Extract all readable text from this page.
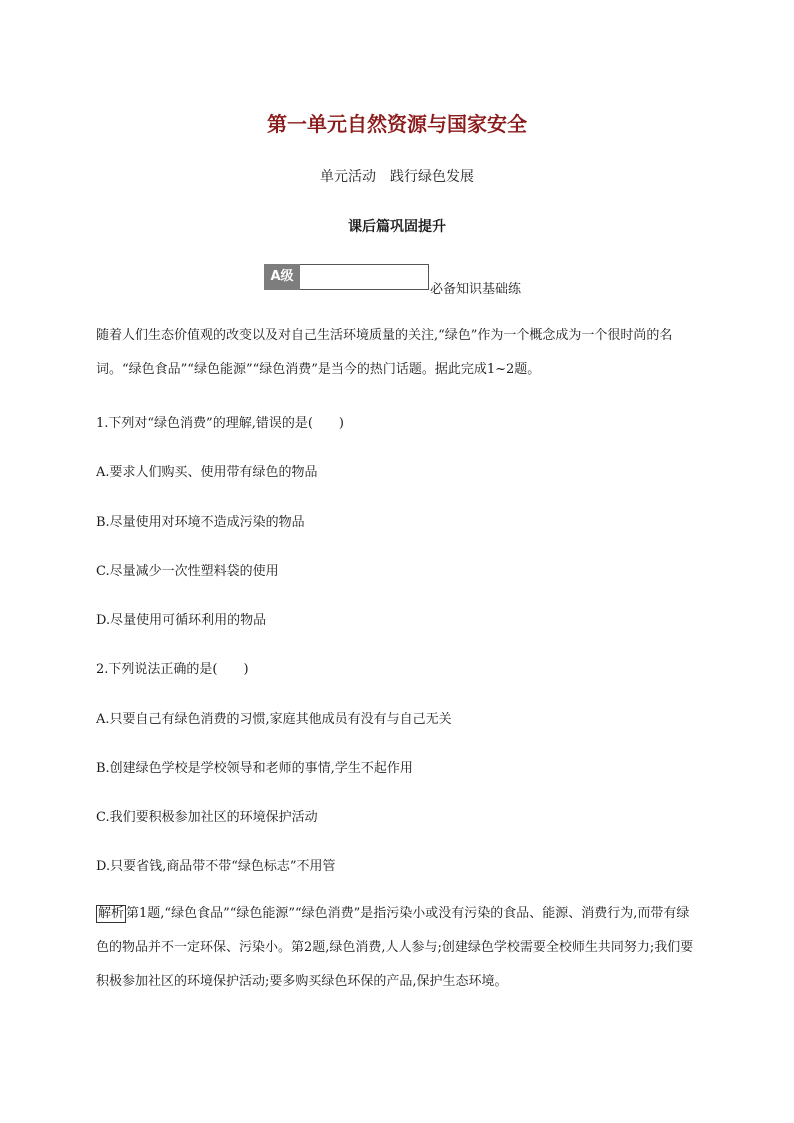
第一单元自然资源与国家安全
单元活动　践行绿色发展
课后篇巩固提升
A级
必备知识基础练
随着人们生态价值观的改变以及对自己生活环境质量的关注,“绿色”作为一个概念成为一个很时尚的名词。“绿色食品”“绿色能源”“绿色消费”是当今的热门话题。据此完成1~2题。
1.下列对“绿色消费”的理解,错误的是(　　)
A.要求人们购买、使用带有绿色的物品
B.尽量使用对环境不造成污染的物品
C.尽量减少一次性塑料袋的使用
D.尽量使用可循环利用的物品
2.下列说法正确的是(　　)
A.只要自己有绿色消费的习惯,家庭其他成员有没有与自己无关
B.创建绿色学校是学校领导和老师的事情,学生不起作用
C.我们要积极参加社区的环境保护活动
D.只要省钱,商品带不带“绿色标志”不用管
解析 第1题,“绿色食品”“绿色能源”“绿色消费”是指污染小或没有污染的食品、能源、消费行为,而带有绿色的物品并不一定环保、污染小。第2题,绿色消费,人人参与;创建绿色学校需要全校师生共同努力;我们要积极参加社区的环境保护活动;要多购买绿色环保的产品,保护生态环境。
